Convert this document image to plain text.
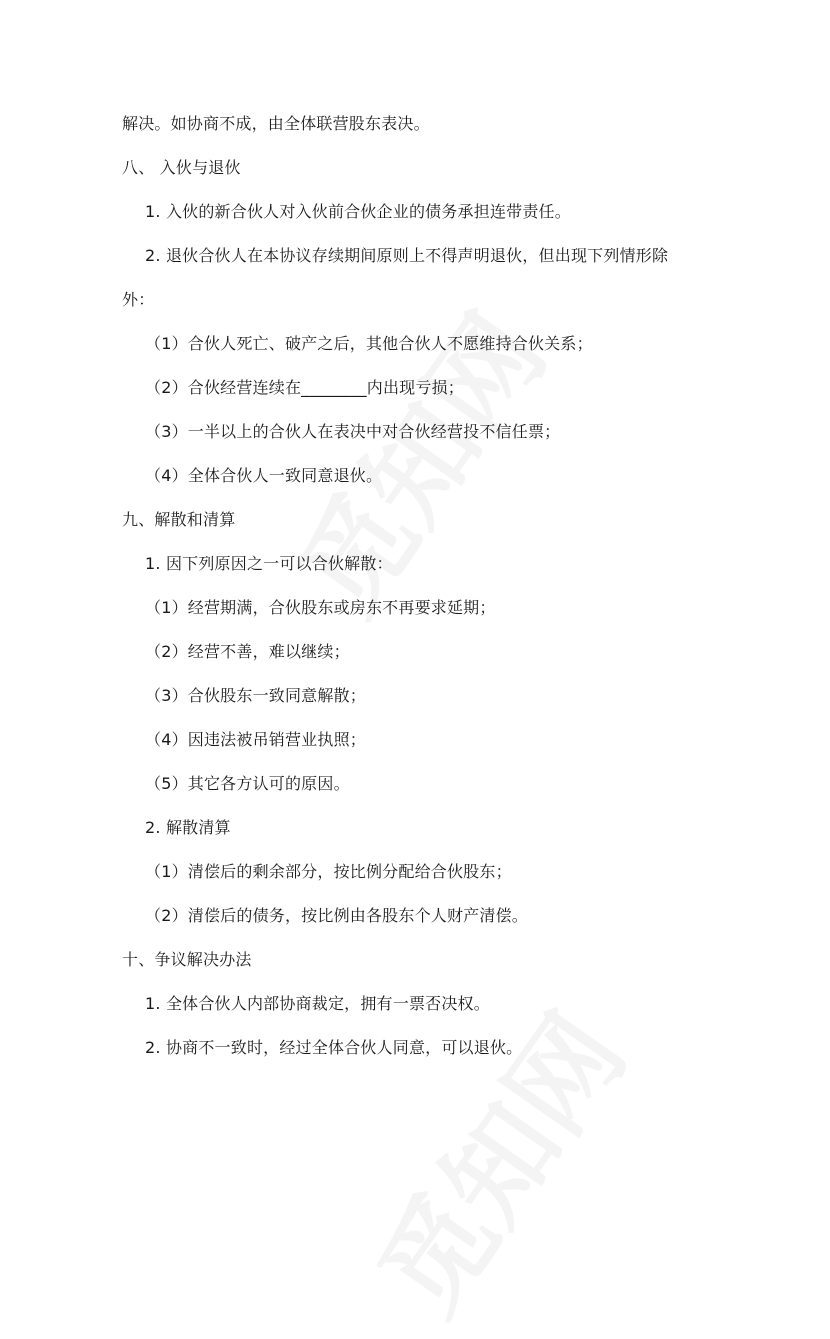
解决。如协商不成，由全体联营股东表决。
八、 入伙与退伙
1. 入伙的新合伙人对入伙前合伙企业的债务承担连带责任。
2. 退伙合伙人在本协议存续期间原则上不得声明退伙，但出现下列情形除
外：
（1）合伙人死亡、破产之后，其他合伙人不愿维持合伙关系；
（2）合伙经营连续在________内出现亏损；
（3）一半以上的合伙人在表决中对合伙经营投不信任票；
（4）全体合伙人一致同意退伙。
九、解散和清算
1. 因下列原因之一可以合伙解散：
（1）经营期满，合伙股东或房东不再要求延期；
（2）经营不善，难以继续；
（3）合伙股东一致同意解散；
（4）因违法被吊销营业执照；
（5）其它各方认可的原因。
2. 解散清算
（1）清偿后的剩余部分，按比例分配给合伙股东；
（2）清偿后的债务，按比例由各股东个人财产清偿。
十、争议解决办法
1. 全体合伙人内部协商裁定，拥有一票否决权。
2. 协商不一致时，经过全体合伙人同意，可以退伙。
